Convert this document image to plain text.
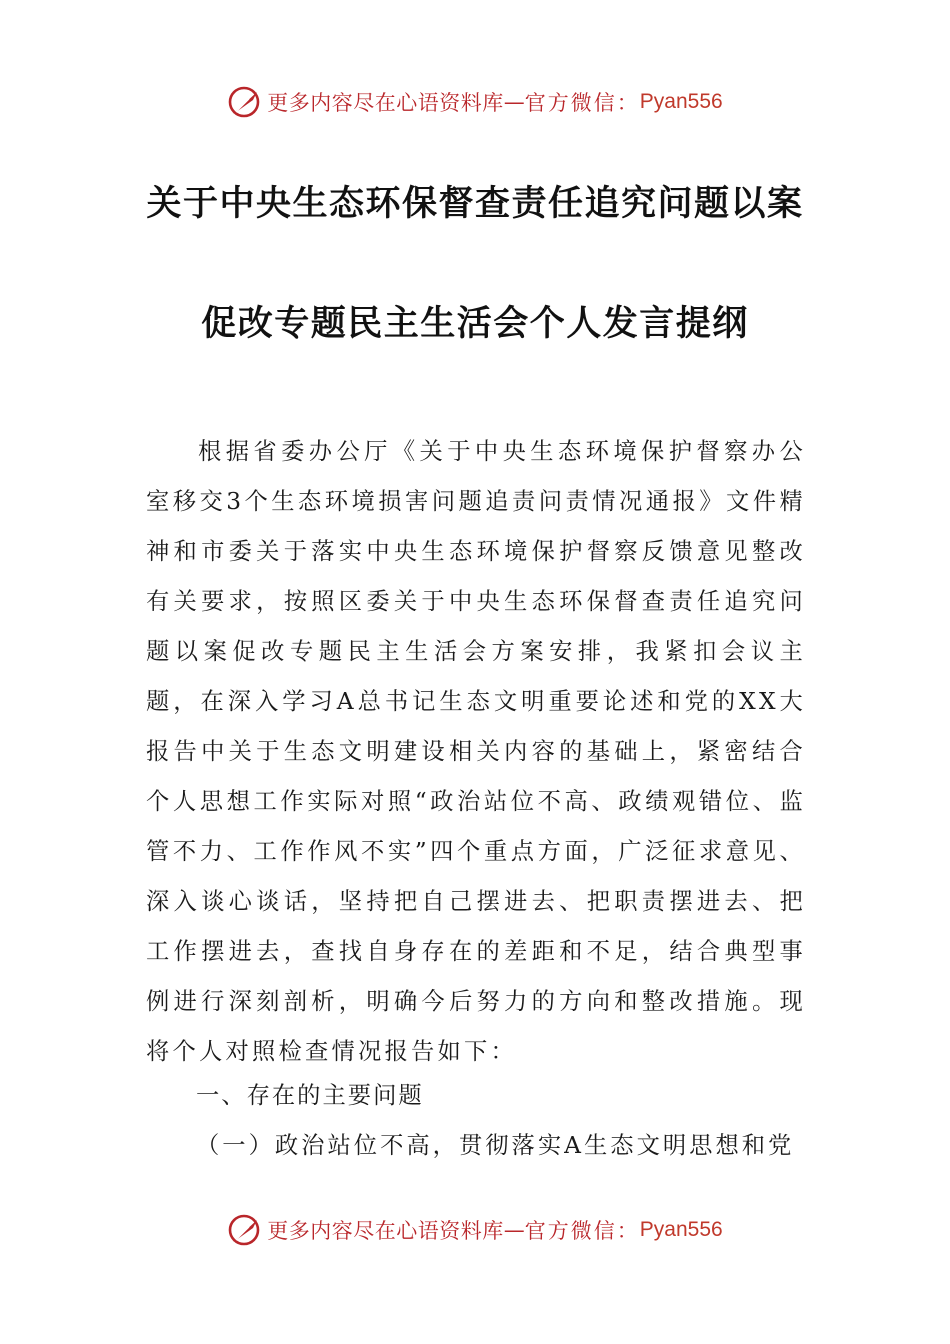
更多内容尽在心语资料库 — 官方微信： Pyan556
关于中央生态环保督查责任追究问题以案
促改专题民主生活会个人发言提纲

根据省委办公厅《关于中央生态环境保护督察办公室移交3个生态环境损害问题追责问责情况通报》文件精神和市委关于落实中央生态环境保护督察反馈意见整改有关要求，按照区委关于中央生态环保督查责任追究问题以案促改专题民主生活会方案安排，我紧扣会议主题，在深入学习A总书记生态文明重要论述和党的XX大报告中关于生态文明建设相关内容的基础上，紧密结合个人思想工作实际对照“政治站位不高、政绩观错位、监管不力、工作作风不实”四个重点方面，广泛征求意见、深入谈心谈话，坚持把自己摆进去、把职责摆进去、把工作摆进去，查找自身存在的差距和不足，结合典型事例进行深刻剖析，明确今后努力的方向和整改措施。现将个人对照检查情况报告如下：

一、存在的主要问题
（一）政治站位不高，贯彻落实A生态文明思想和党
更多内容尽在心语资料库 — 官方微信： Pyan556
